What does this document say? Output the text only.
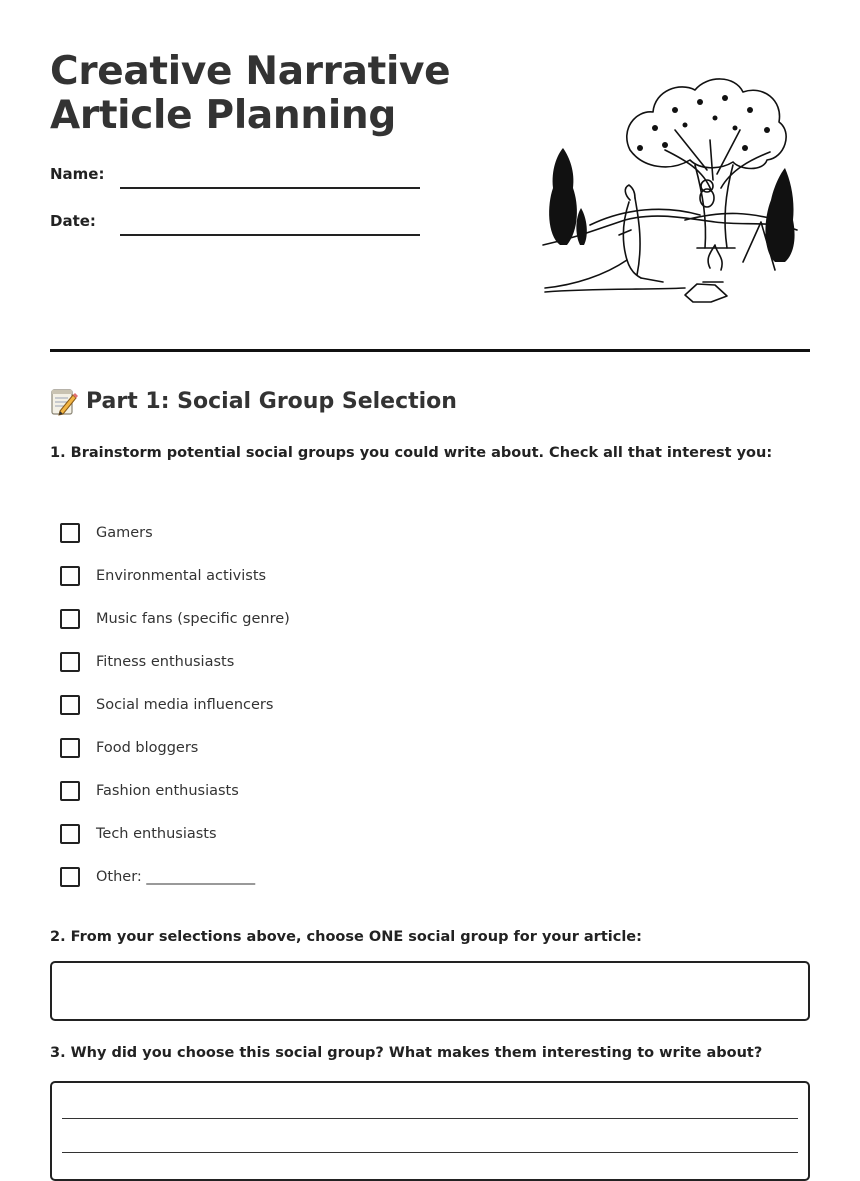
Creative Narrative
Article Planning
Name:
Date:
Part 1: Social Group Selection
1. Brainstorm potential social groups you could write about. Check all that interest you:
Gamers
Environmental activists
Music fans (specific genre)
Fitness enthusiasts
Social media influencers
Food bloggers
Fashion enthusiasts
Tech enthusiasts
Other: _______________
2. From your selections above, choose ONE social group for your article:
3. Why did you choose this social group? What makes them interesting to write about?
